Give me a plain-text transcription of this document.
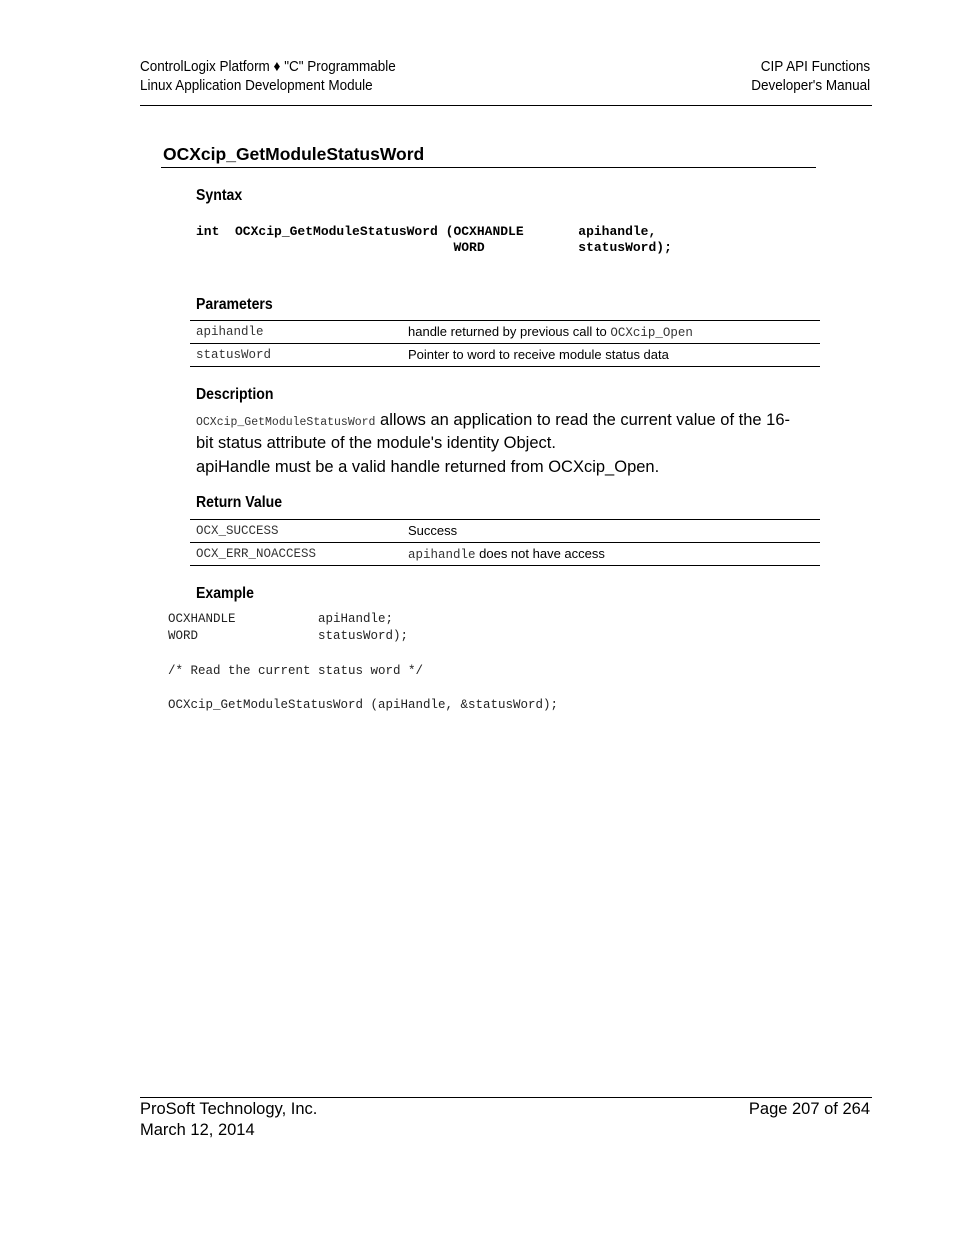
ControlLogix Platform ♦ "C" Programmable
Linux Application Development Module
CIP API Functions
Developer's Manual
OCXcip_GetModuleStatusWord
Syntax
int  OCXcip_GetModuleStatusWord (OCXHANDLE       apihandle,
WORD            statusWord);
Parameters
apihandle	handle returned by previous call to OCXcip_Open
statusWord	Pointer to word to receive module status data
Description

OCXcip_GetModuleStatusWord allows an application to read the current value of the 16-bit status attribute of the module's identity Object.

apiHandle must be a valid handle returned from OCXcip_Open.

Return Value
OCX_SUCCESS	Success
OCX_ERR_NOACCESS	apihandle does not have access
Example
OCXHANDLE           apiHandle;
WORD                statusWord);

/* Read the current status word */

OCXcip_GetModuleStatusWord (apiHandle, &statusWord);
ProSoft Technology, Inc.
March 12, 2014
Page 207 of 264
